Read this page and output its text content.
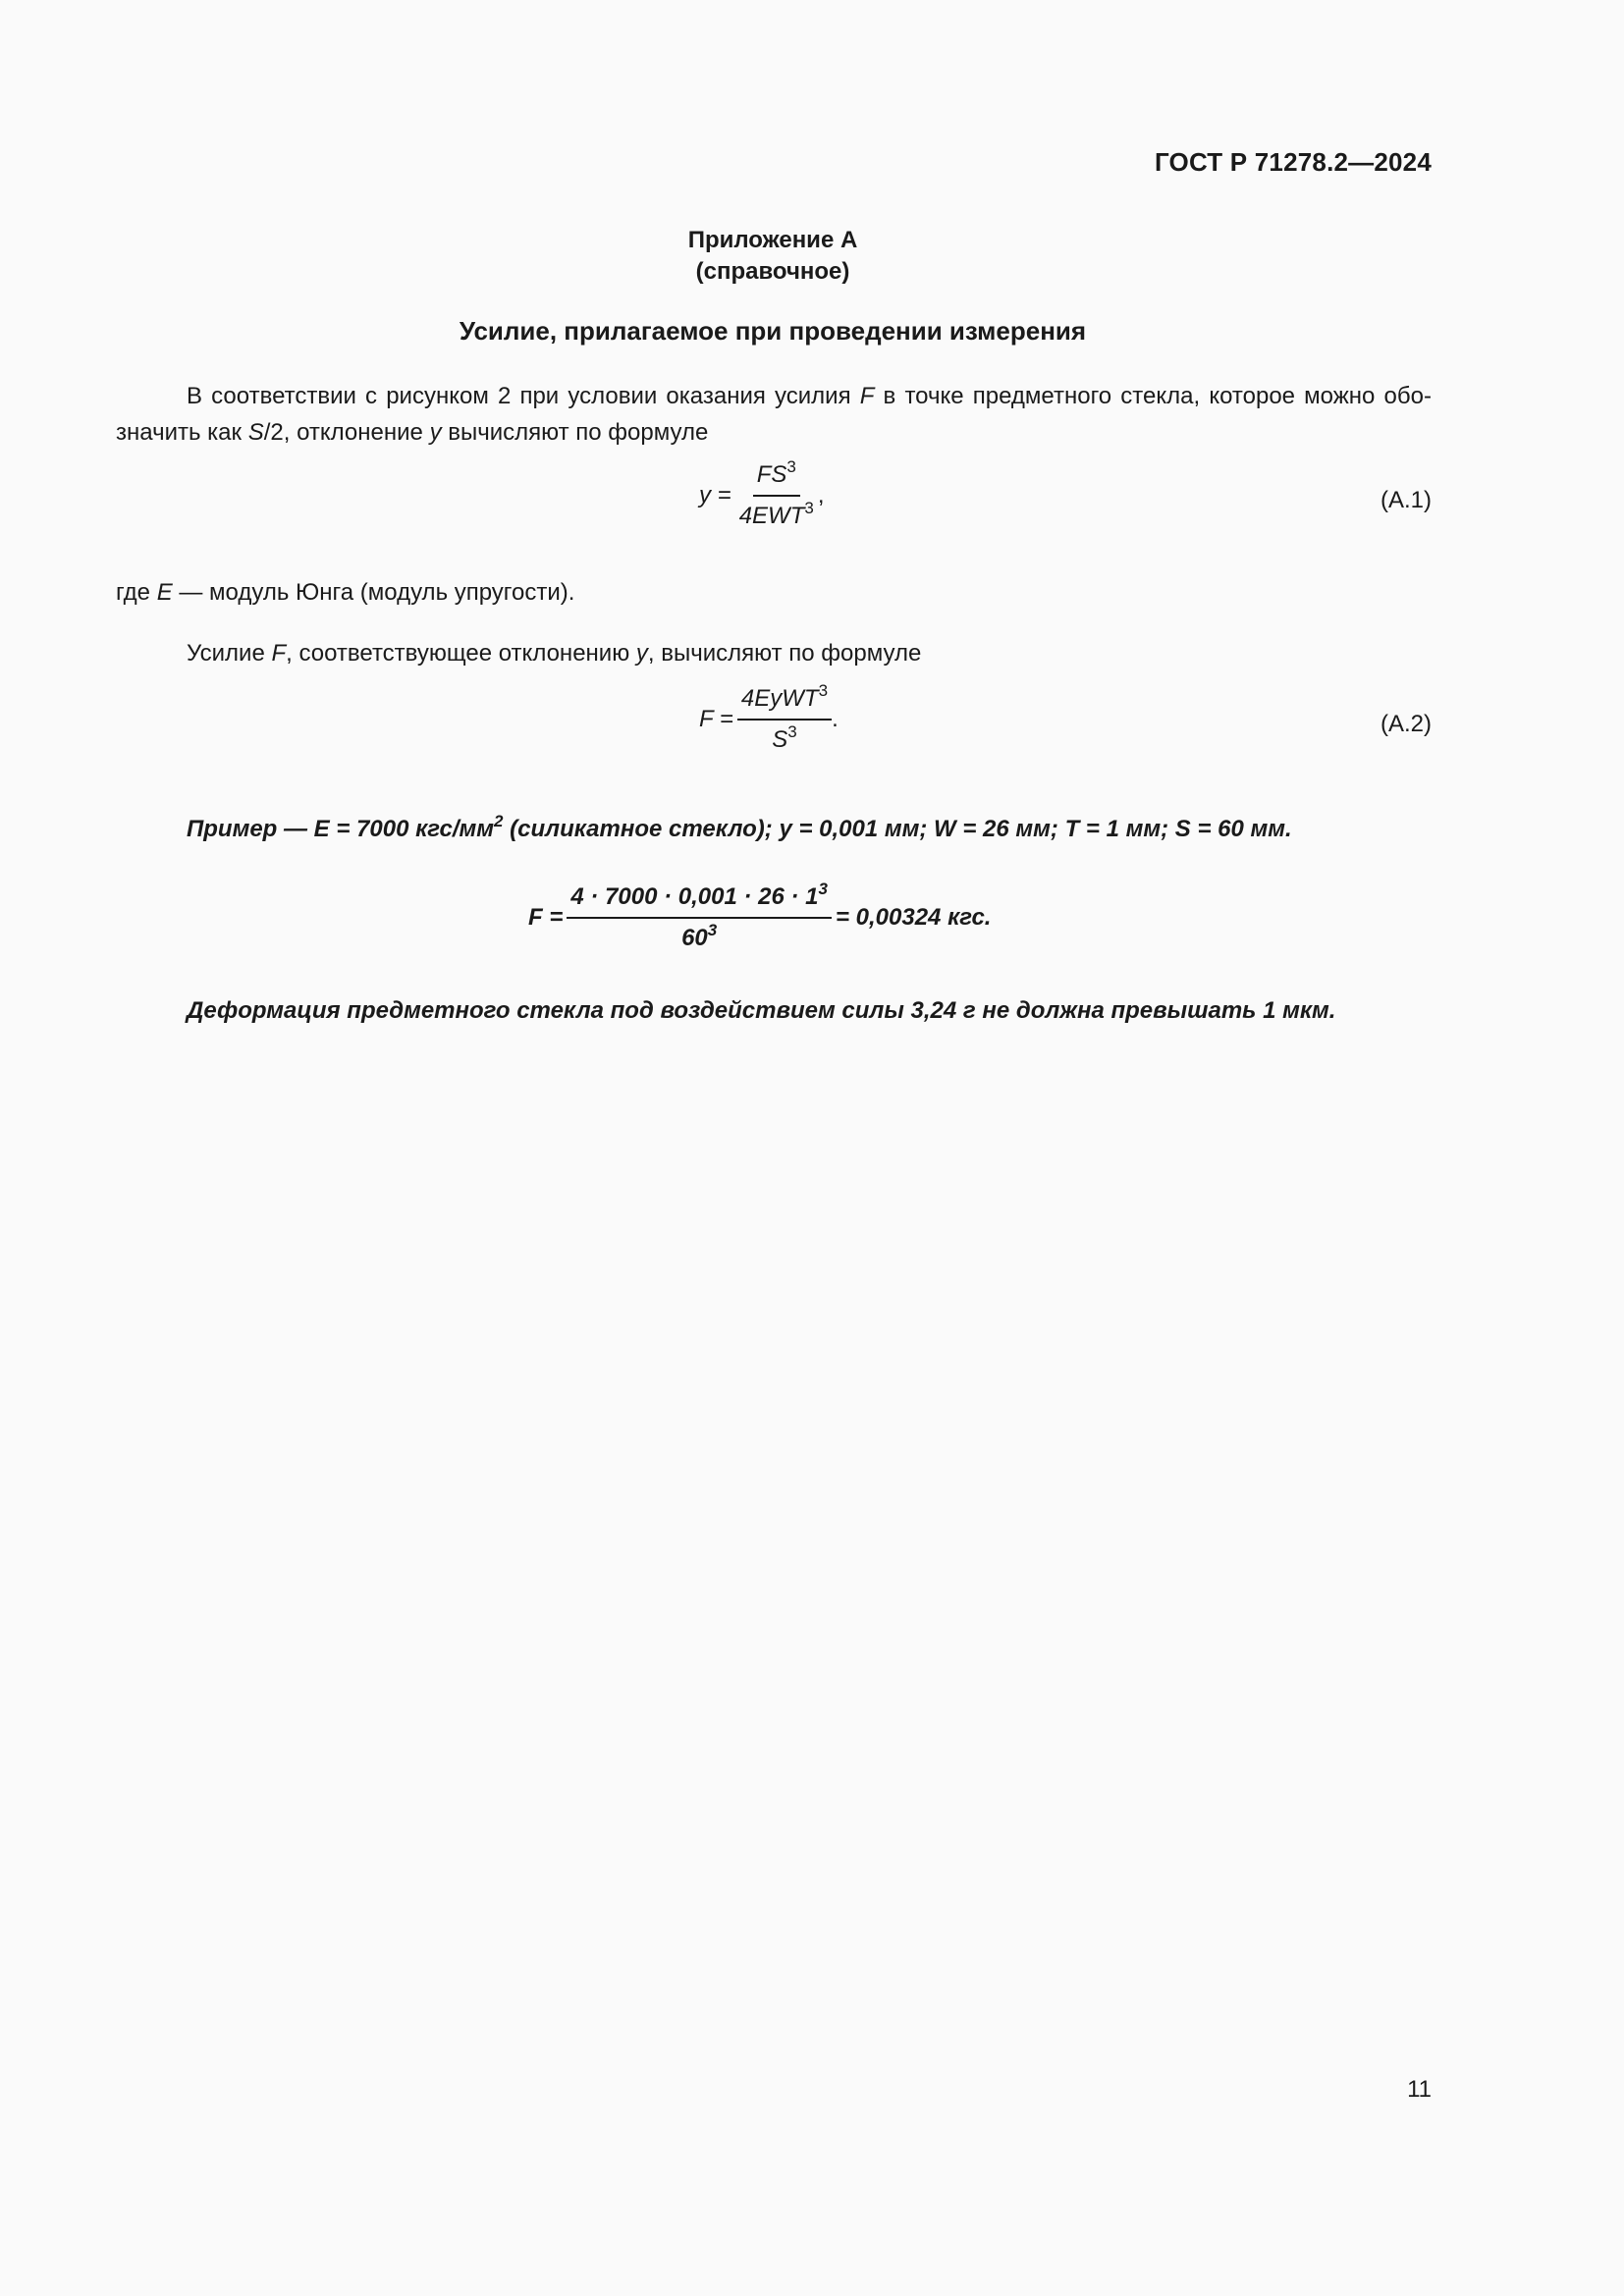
ГОСТ Р 71278.2—2024
Приложение А
(справочное)
Усилие, прилагаемое при проведении измерения
В соответствии с рисунком 2 при условии оказания усилия F в точке предметного стекла, которое можно обо-значить как S/2, отклонение y вычисляют по формуле
$y = \frac{FS^3}{4EWT^3}$ ,	(А.1)
где E — модуль Юнга (модуль упругости).
Усилие F, соответствующее отклонению y, вычисляют по формуле
$F = \frac{4EyWT^3}{S^3}$ .	(А.2)
Пример — E = 7000 кгс/$мм^2$ (силикатное стекло); y = 0,001 мм; W = 26 мм; T = 1 мм; S = 60 мм.
$F = \frac{4 \cdot 7000 \cdot 0,001 \cdot 26 \cdot 1^3}{60^3} = 0,00324$ кгс.
Деформация предметного стекла под воздействием силы 3,24 г не должна превышать 1 мкм.
11
